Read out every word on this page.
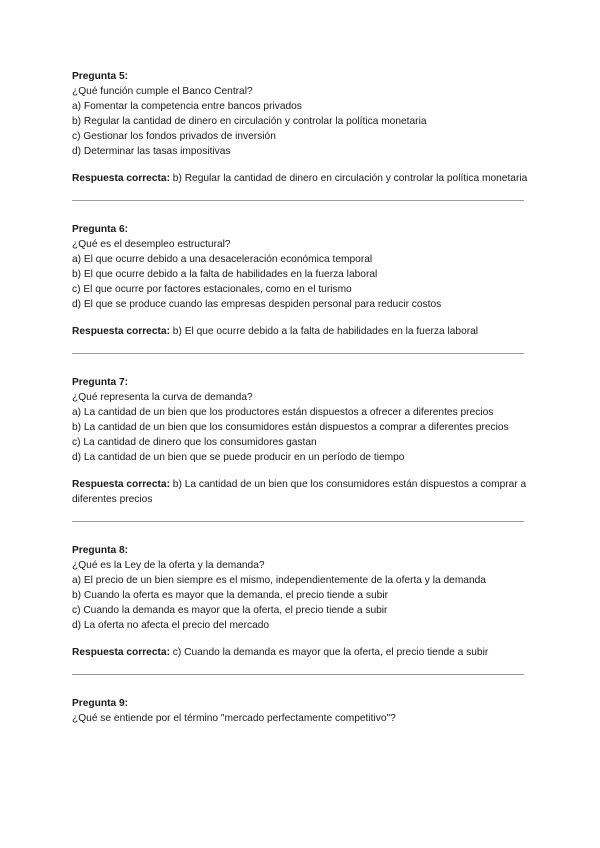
Pregunta 5:

¿Qué función cumple el Banco Central?

a) Fomentar la competencia entre bancos privados

b) Regular la cantidad de dinero en circulación y controlar la política monetaria

c) Gestionar los fondos privados de inversión

d) Determinar las tasas impositivas

Respuesta correcta: b) Regular la cantidad de dinero en circulación y controlar la política monetaria

Pregunta 6:

¿Qué es el desempleo estructural?

a) El que ocurre debido a una desaceleración económica temporal

b) El que ocurre debido a la falta de habilidades en la fuerza laboral

c) El que ocurre por factores estacionales, como en el turismo

d) El que se produce cuando las empresas despiden personal para reducir costos

Respuesta correcta: b) El que ocurre debido a la falta de habilidades en la fuerza laboral

Pregunta 7:

¿Qué representa la curva de demanda?

a) La cantidad de un bien que los productores están dispuestos a ofrecer a diferentes precios

b) La cantidad de un bien que los consumidores están dispuestos a comprar a diferentes precios

c) La cantidad de dinero que los consumidores gastan

d) La cantidad de un bien que se puede producir en un período de tiempo

Respuesta correcta: b) La cantidad de un bien que los consumidores están dispuestos a comprar a diferentes precios

Pregunta 8:

¿Qué es la Ley de la oferta y la demanda?

a) El precio de un bien siempre es el mismo, independientemente de la oferta y la demanda

b) Cuando la oferta es mayor que la demanda, el precio tiende a subir

c) Cuando la demanda es mayor que la oferta, el precio tiende a subir

d) La oferta no afecta el precio del mercado

Respuesta correcta: c) Cuando la demanda es mayor que la oferta, el precio tiende a subir

Pregunta 9:

¿Qué se entiende por el término "mercado perfectamente competitivo"?
